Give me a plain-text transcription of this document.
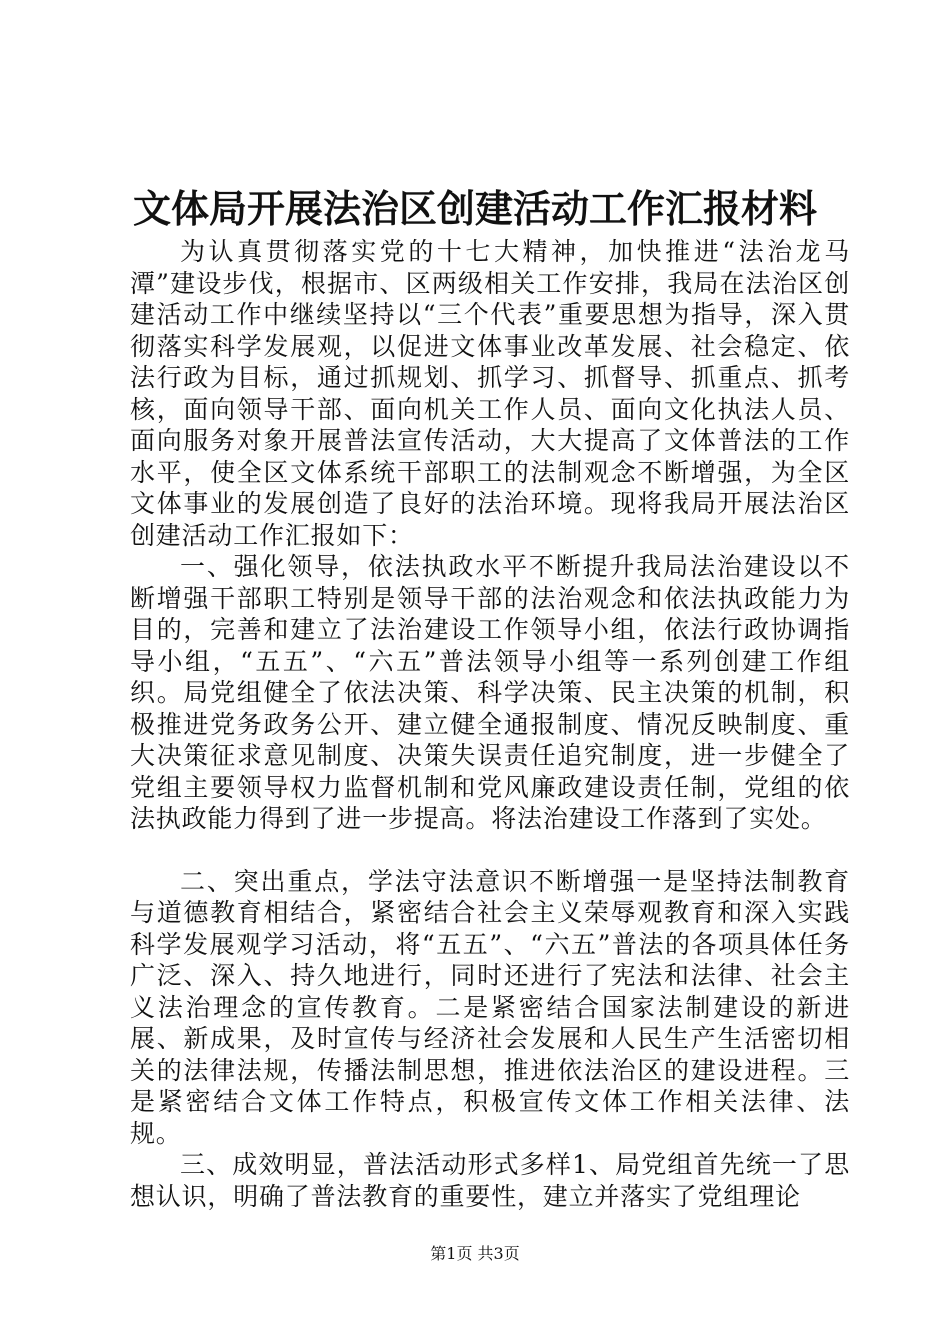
文体局开展法治区创建活动工作汇报材料

为认真贯彻落实党的十七大精神，加快推进“法治龙马潭”建设步伐，根据市、区两级相关工作安排，我局在法治区创建活动工作中继续坚持以“三个代表”重要思想为指导，深入贯彻落实科学发展观，以促进文体事业改革发展、社会稳定、依法行政为目标，通过抓规划、抓学习、抓督导、抓重点、抓考核，面向领导干部、面向机关工作人员、面向文化执法人员、面向服务对象开展普法宣传活动，大大提高了文体普法的工作水平，使全区文体系统干部职工的法制观念不断增强，为全区文体事业的发展创造了良好的法治环境。现将我局开展法治区创建活动工作汇报如下：

一、强化领导，依法执政水平不断提升我局法治建设以不断增强干部职工特别是领导干部的法治观念和依法执政能力为目的，完善和建立了法治建设工作领导小组，依法行政协调指导小组，“五五”、“六五”普法领导小组等一系列创建工作组织。局党组健全了依法决策、科学决策、民主决策的机制，积极推进党务政务公开、建立健全通报制度、情况反映制度、重大决策征求意见制度、决策失误责任追究制度，进一步健全了党组主要领导权力监督机制和党风廉政建设责任制，党组的依法执政能力得到了进一步提高。将法治建设工作落到了实处。

二、突出重点，学法守法意识不断增强一是坚持法制教育与道德教育相结合，紧密结合社会主义荣辱观教育和深入实践科学发展观学习活动，将“五五”、“六五”普法的各项具体任务广泛、深入、持久地进行，同时还进行了宪法和法律、社会主义法治理念的宣传教育。二是紧密结合国家法制建设的新进展、新成果，及时宣传与经济社会发展和人民生产生活密切相关的法律法规，传播法制思想，推进依法治区的建设进程。三是紧密结合文体工作特点，积极宣传文体工作相关法律、法规。

三、成效明显，普法活动形式多样1、局党组首先统一了思想认识，明确了普法教育的重要性，建立并落实了党组理论

第1页 共3页
